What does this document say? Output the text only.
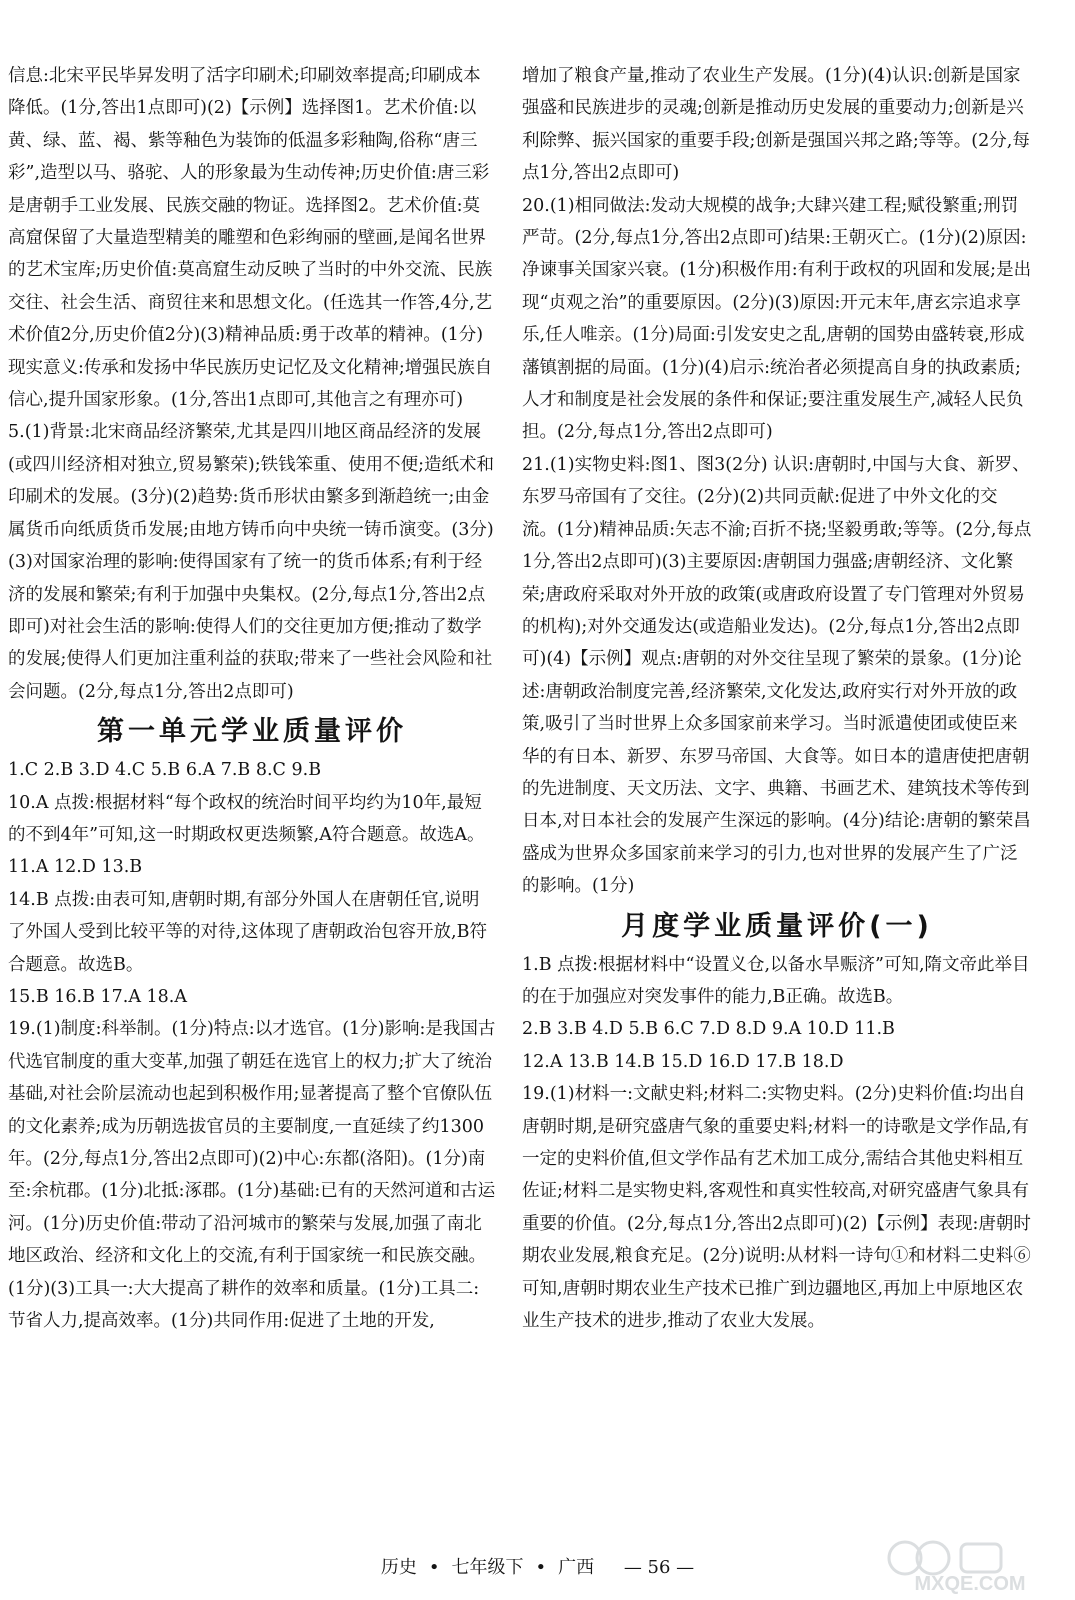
信息:北宋平民毕昇发明了活字印刷术;印刷效率提高;印刷成本降低。(1分,答出1点即可)(2)【示例】选择图1。艺术价值:以黄、绿、蓝、褐、紫等釉色为装饰的低温多彩釉陶,俗称“唐三彩”,造型以马、骆驼、人的形象最为生动传神;历史价值:唐三彩是唐朝手工业发展、民族交融的物证。选择图2。艺术价值:莫高窟保留了大量造型精美的雕塑和色彩绚丽的壁画,是闻名世界的艺术宝库;历史价值:莫高窟生动反映了当时的中外交流、民族交往、社会生活、商贸往来和思想文化。(任选其一作答,4分,艺术价值2分,历史价值2分)(3)精神品质:勇于改革的精神。(1分)现实意义:传承和发扬中华民族历史记忆及文化精神;增强民族自信心,提升国家形象。(1分,答出1点即可,其他言之有理亦可)

5.(1)背景:北宋商品经济繁荣,尤其是四川地区商品经济的发展(或四川经济相对独立,贸易繁荣);铁钱笨重、使用不便;造纸术和印刷术的发展。(3分)(2)趋势:货币形状由繁多到渐趋统一;由金属货币向纸质货币发展;由地方铸币向中央统一铸币演变。(3分)(3)对国家治理的影响:使得国家有了统一的货币体系;有利于经济的发展和繁荣;有利于加强中央集权。(2分,每点1分,答出2点即可)对社会生活的影响:使得人们的交往更加方便;推动了数学的发展;使得人们更加注重利益的获取;带来了一些社会风险和社会问题。(2分,每点1分,答出2点即可)

第一单元学业质量评价

1.C 2.B 3.D 4.C 5.B 6.A 7.B 8.C 9.B

10.A 点拨:根据材料“每个政权的统治时间平均约为10年,最短的不到4年”可知,这一时期政权更迭频繁,A符合题意。故选A。

11.A 12.D 13.B

14.B 点拨:由表可知,唐朝时期,有部分外国人在唐朝任官,说明了外国人受到比较平等的对待,这体现了唐朝政治包容开放,B符合题意。故选B。

15.B 16.B 17.A 18.A

19.(1)制度:科举制。(1分)特点:以才选官。(1分)影响:是我国古代选官制度的重大变革,加强了朝廷在选官上的权力;扩大了统治基础,对社会阶层流动也起到积极作用;显著提高了整个官僚队伍的文化素养;成为历朝选拔官员的主要制度,一直延续了约1300年。(2分,每点1分,答出2点即可)(2)中心:东都(洛阳)。(1分)南至:余杭郡。(1分)北抵:涿郡。(1分)基础:已有的天然河道和古运河。(1分)历史价值:带动了沿河城市的繁荣与发展,加强了南北地区政治、经济和文化上的交流,有利于国家统一和民族交融。(1分)(3)工具一:大大提高了耕作的效率和质量。(1分)工具二:节省人力,提高效率。(1分)共同作用:促进了土地的开发,

增加了粮食产量,推动了农业生产发展。(1分)(4)认识:创新是国家强盛和民族进步的灵魂;创新是推动历史发展的重要动力;创新是兴利除弊、振兴国家的重要手段;创新是强国兴邦之路;等等。(2分,每点1分,答出2点即可)

20.(1)相同做法:发动大规模的战争;大肆兴建工程;赋役繁重;刑罚严苛。(2分,每点1分,答出2点即可)结果:王朝灭亡。(1分)(2)原因:净谏事关国家兴衰。(1分)积极作用:有利于政权的巩固和发展;是出现“贞观之治”的重要原因。(2分)(3)原因:开元末年,唐玄宗追求享乐,任人唯亲。(1分)局面:引发安史之乱,唐朝的国势由盛转衰,形成藩镇割据的局面。(1分)(4)启示:统治者必须提高自身的执政素质;人才和制度是社会发展的条件和保证;要注重发展生产,减轻人民负担。(2分,每点1分,答出2点即可)

21.(1)实物史料:图1、图3(2分) 认识:唐朝时,中国与大食、新罗、东罗马帝国有了交往。(2分)(2)共同贡献:促进了中外文化的交流。(1分)精神品质:矢志不渝;百折不挠;坚毅勇敢;等等。(2分,每点1分,答出2点即可)(3)主要原因:唐朝国力强盛;唐朝经济、文化繁荣;唐政府采取对外开放的政策(或唐政府设置了专门管理对外贸易的机构);对外交通发达(或造船业发达)。(2分,每点1分,答出2点即可)(4)【示例】观点:唐朝的对外交往呈现了繁荣的景象。(1分)论述:唐朝政治制度完善,经济繁荣,文化发达,政府实行对外开放的政策,吸引了当时世界上众多国家前来学习。当时派遣使团或使臣来华的有日本、新罗、东罗马帝国、大食等。如日本的遣唐使把唐朝的先进制度、天文历法、文字、典籍、书画艺术、建筑技术等传到日本,对日本社会的发展产生深远的影响。(4分)结论:唐朝的繁荣昌盛成为世界众多国家前来学习的引力,也对世界的发展产生了广泛的影响。(1分)

月度学业质量评价(一)

1.B 点拨:根据材料中“设置义仓,以备水旱赈济”可知,隋文帝此举目的在于加强应对突发事件的能力,B正确。故选B。

2.B 3.B 4.D 5.B 6.C 7.D 8.D 9.A 10.D 11.B

12.A 13.B 14.B 15.D 16.D 17.B 18.D

19.(1)材料一:文献史料;材料二:实物史料。(2分)史料价值:均出自唐朝时期,是研究盛唐气象的重要史料;材料一的诗歌是文学作品,有一定的史料价值,但文学作品有艺术加工成分,需结合其他史料相互佐证;材料二是实物史料,客观性和真实性较高,对研究盛唐气象具有重要的价值。(2分,每点1分,答出2点即可)(2)【示例】表现:唐朝时期农业发展,粮食充足。(2分)说明:从材料一诗句①和材料二史料⑥可知,唐朝时期农业生产技术已推广到边疆地区,再加上中原地区农业生产技术的进步,推动了农业大发展。

历史 • 七年级下 • 广西 — 56 —
MXQE.COM
